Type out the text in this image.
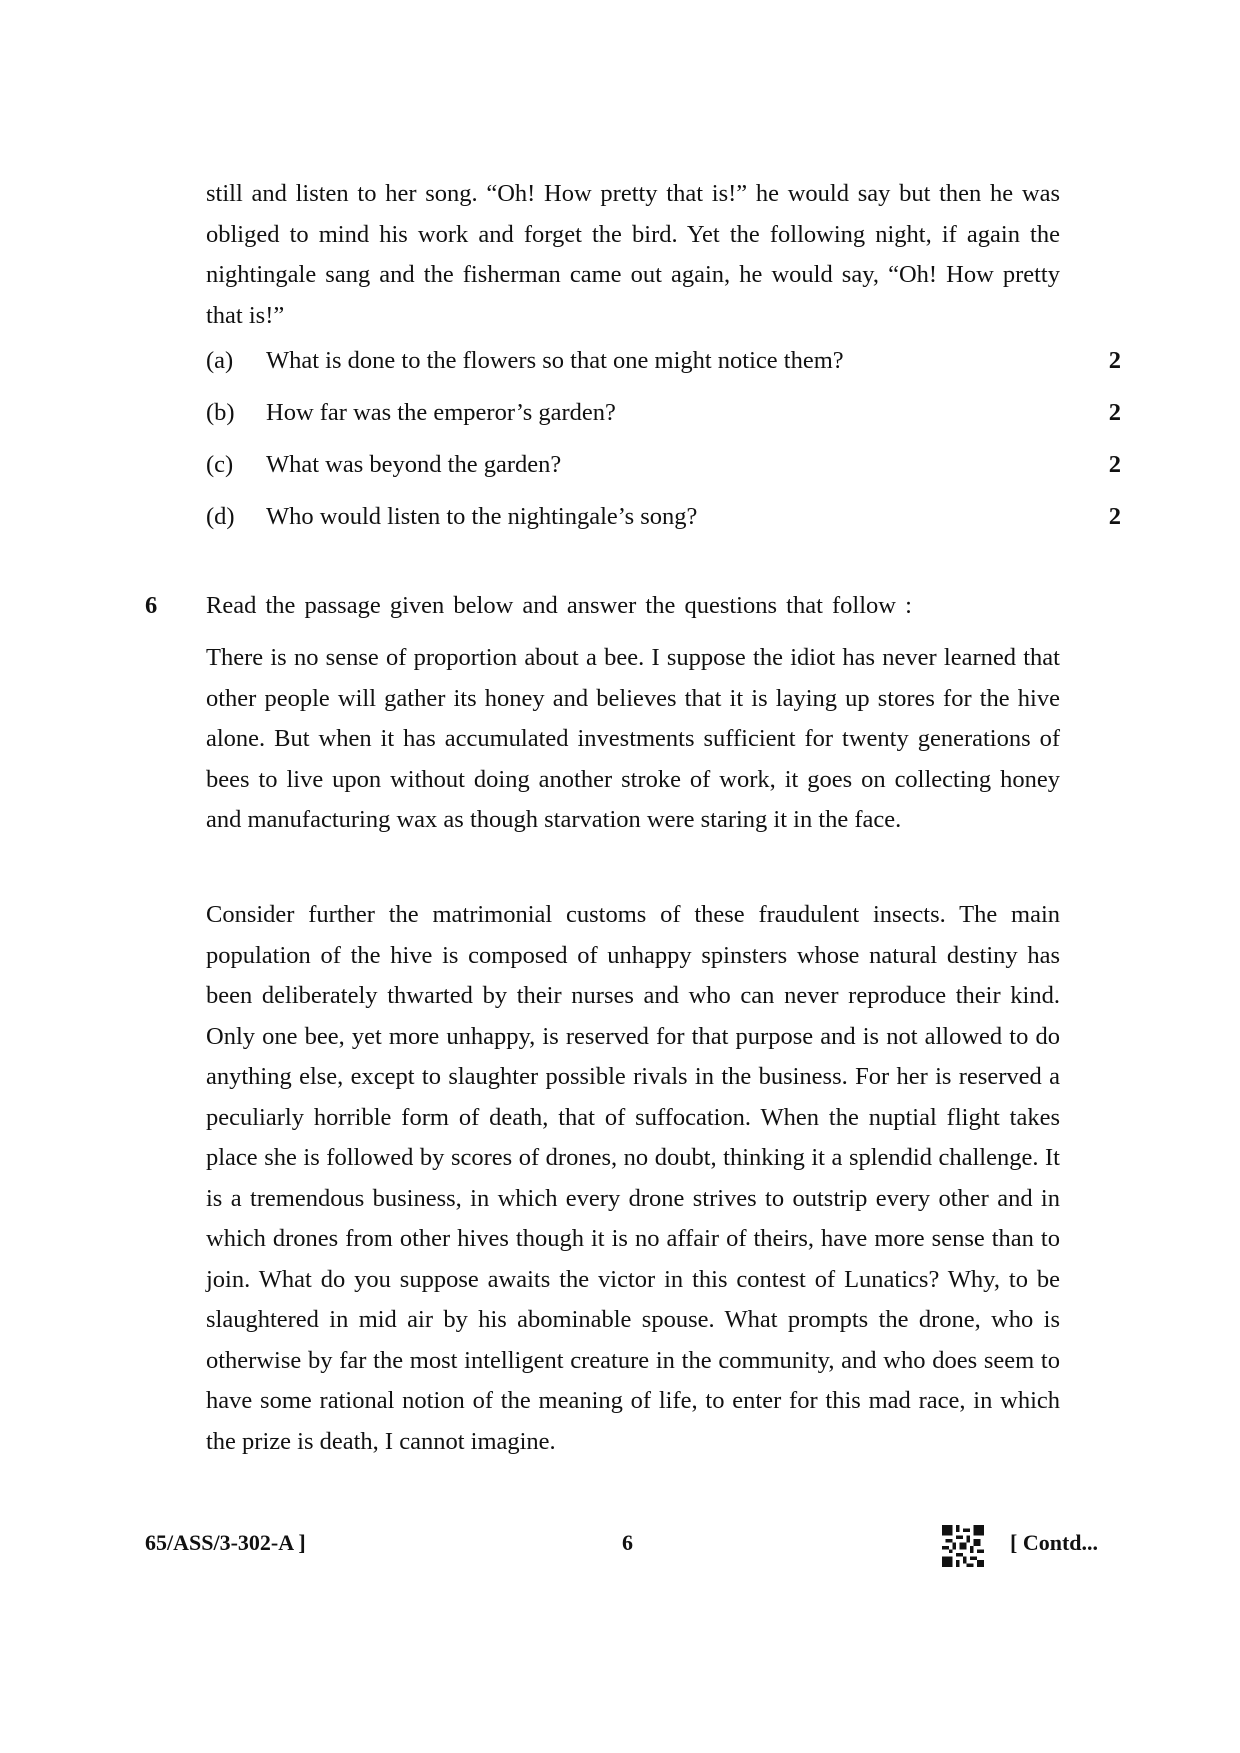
still and listen to her song. “Oh! How pretty that is!” he would say but then he was obliged to mind his work and forget the bird. Yet the following night, if again the nightingale sang and the fisherman came out again, he would say, “Oh! How pretty that is!”

(a) What is done to the flowers so that one might notice them?	2
(b) How far was the emperor’s garden?	2
(c) What was beyond the garden?	2
(d) Who would listen to the nightingale’s song?	2
6 Read the passage given below and answer the questions that follow :

There is no sense of proportion about a bee. I suppose the idiot has never learned that other people will gather its honey and believes that it is laying up stores for the hive alone. But when it has accumulated investments sufficient for twenty generations of bees to live upon without doing another stroke of work, it goes on collecting honey and manufacturing wax as though starvation were staring it in the face.

Consider further the matrimonial customs of these fraudulent insects. The main population of the hive is composed of unhappy spinsters whose natural destiny has been deliberately thwarted by their nurses and who can never reproduce their kind. Only one bee, yet more unhappy, is reserved for that purpose and is not allowed to do anything else, except to slaughter possible rivals in the business. For her is reserved a peculiarly horrible form of death, that of suffocation. When the nuptial flight takes place she is followed by scores of drones, no doubt, thinking it a splendid challenge. It is a tremendous business, in which every drone strives to outstrip every other and in which drones from other hives though it is no affair of theirs, have more sense than to join. What do you suppose awaits the victor in this contest of Lunatics? Why, to be slaughtered in mid air by his abominable spouse. What prompts the drone, who is otherwise by far the most intelligent creature in the community, and who does seem to have some rational notion of the meaning of life, to enter for this mad race, in which the prize is death, I cannot imagine.

65/ASS/3-302-A ]	6	[ Contd...
